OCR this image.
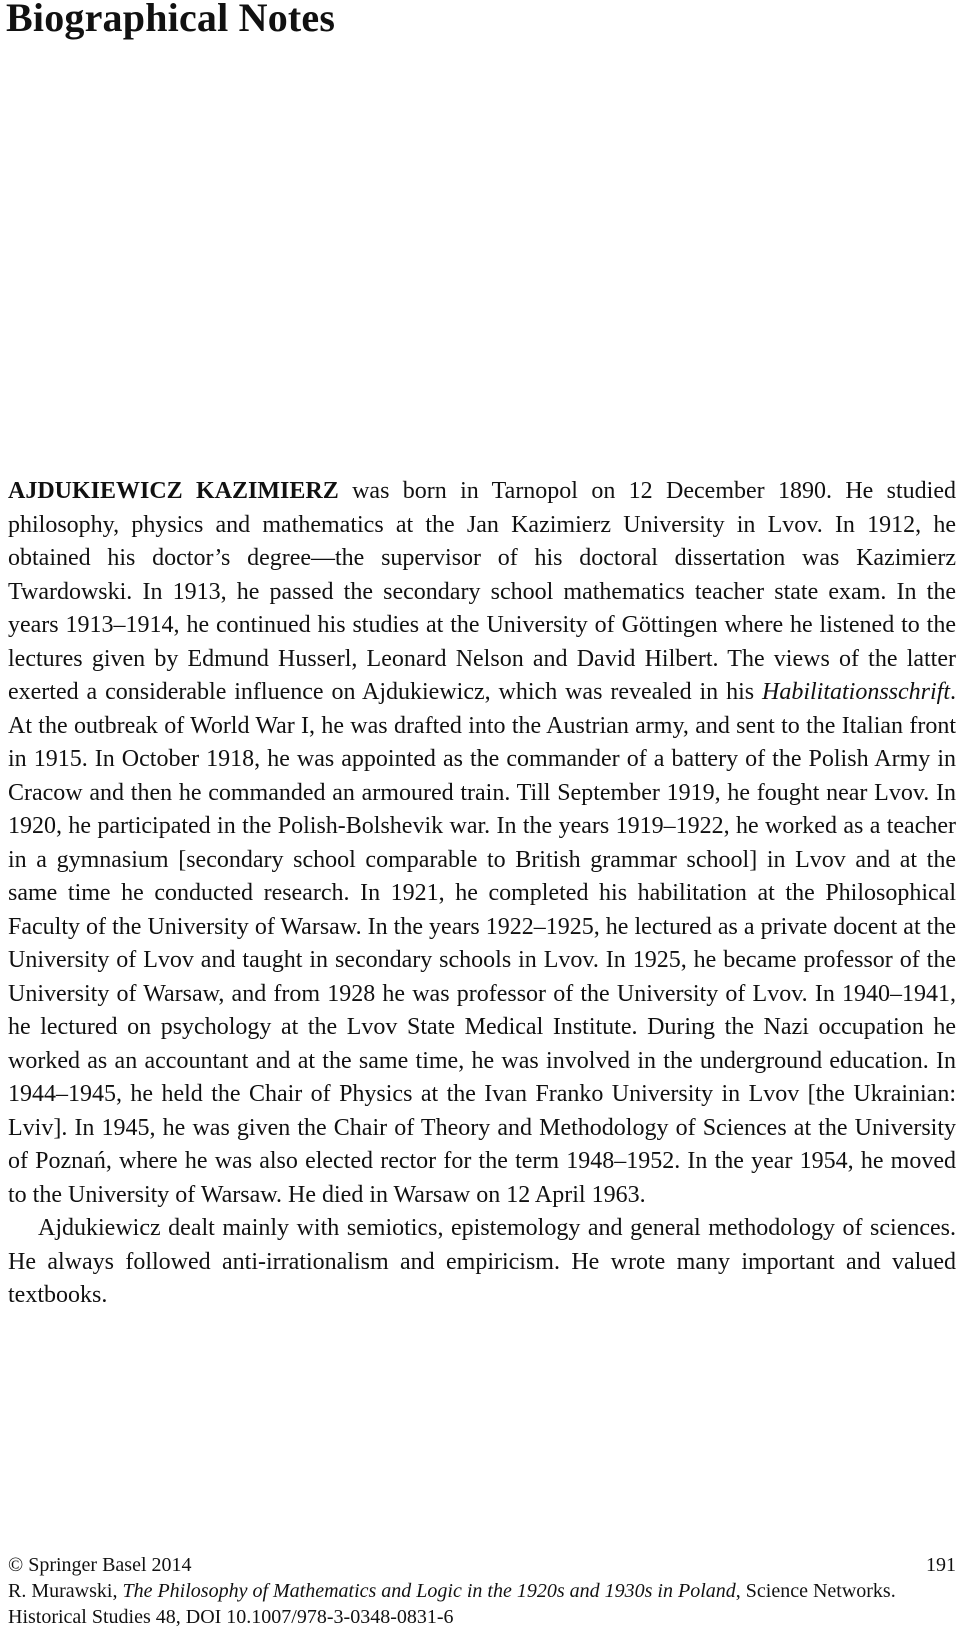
Biographical Notes

AJDUKIEWICZ KAZIMIERZ was born in Tarnopol on 12 December 1890. He studied philosophy, physics and mathematics at the Jan Kazimierz University in Lvov. In 1912, he obtained his doctor’s degree—the supervisor of his doctoral dissertation was Kazimierz Twardowski. In 1913, he passed the secondary school mathematics teacher state exam. In the years 1913–1914, he continued his studies at the University of Göttingen where he listened to the lectures given by Edmund Husserl, Leonard Nelson and David Hilbert. The views of the latter exerted a considerable influence on Ajdukiewicz, which was revealed in his Habilitationsschrift. At the outbreak of World War I, he was drafted into the Austrian army, and sent to the Italian front in 1915. In October 1918, he was appointed as the commander of a battery of the Polish Army in Cracow and then he commanded an armoured train. Till September 1919, he fought near Lvov. In 1920, he participated in the Polish-Bolshevik war. In the years 1919–1922, he worked as a teacher in a gymnasium [secondary school comparable to British grammar school] in Lvov and at the same time he conducted research. In 1921, he completed his habilitation at the Philosophical Faculty of the University of Warsaw. In the years 1922–1925, he lectured as a private docent at the University of Lvov and taught in secondary schools in Lvov. In 1925, he became professor of the University of Warsaw, and from 1928 he was professor of the University of Lvov. In 1940–1941, he lectured on psychology at the Lvov State Medical Institute. During the Nazi occupation he worked as an accountant and at the same time, he was involved in the underground education. In 1944–1945, he held the Chair of Physics at the Ivan Franko University in Lvov [the Ukrainian: Lviv]. In 1945, he was given the Chair of Theory and Methodology of Sciences at the University of Poznań, where he was also elected rector for the term 1948–1952. In the year 1954, he moved to the University of Warsaw. He died in Warsaw on 12 April 1963.

Ajdukiewicz dealt mainly with semiotics, epistemology and general methodology of sciences. He always followed anti-irrationalism and empiricism. He wrote many important and valued textbooks.

© Springer Basel 2014	191
R. Murawski, The Philosophy of Mathematics and Logic in the 1920s and 1930s in Poland, Science Networks. Historical Studies 48, DOI 10.1007/978-3-0348-0831-6
